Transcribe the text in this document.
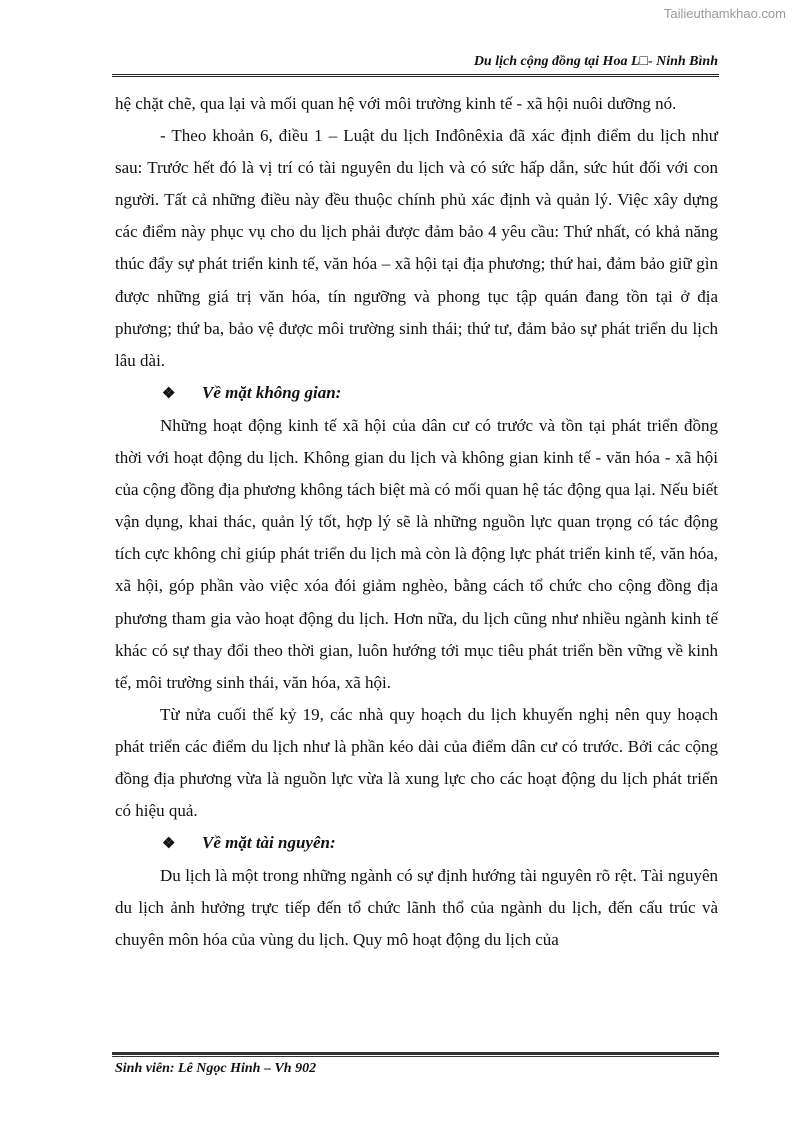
Tailieuthamkhao.com
Du lịch cộng đồng tại Hoa L□- Ninh Bình

hệ chặt chẽ, qua lại và mối quan hệ với môi trường kinh tế - xã hội nuôi dưỡng nó.

- Theo khoản 6, điều 1 – Luật du lịch Inđônêxia đã xác định điểm du lịch như sau: Trước hết đó là vị trí có tài nguyên du lịch và có sức hấp dẫn, sức hút đối với con người. Tất cả những điều này đều thuộc chính phủ xác định và quản lý. Việc xây dựng các điểm này phục vụ cho du lịch phải được đảm bảo 4 yêu cầu: Thứ nhất, có khả năng thúc đẩy sự phát triển kinh tế, văn hóa – xã hội tại địa phương; thứ hai, đảm bảo giữ gìn được những giá trị văn hóa, tín ngưỡng và phong tục tập quán đang tồn tại ở địa phương; thứ ba, bảo vệ được môi trường sinh thái; thứ tư, đảm bảo sự phát triển du lịch lâu dài.

❖ Về mặt không gian:

Những hoạt động kinh tế xã hội của dân cư có trước và tồn tại phát triển đồng thời với hoạt động du lịch. Không gian du lịch và không gian kinh tế - văn hóa - xã hội của cộng đồng địa phương không tách biệt mà có mối quan hệ tác động qua lại. Nếu biết vận dụng, khai thác, quản lý tốt, hợp lý sẽ là những nguồn lực quan trọng có tác động tích cực không chỉ giúp phát triển du lịch mà còn là động lực phát triển kinh tế, văn hóa, xã hội, góp phần vào việc xóa đói giảm nghèo, bằng cách tổ chức cho cộng đồng địa phương tham gia vào hoạt động du lịch. Hơn nữa, du lịch cũng như nhiều ngành kinh tế khác có sự thay đổi theo thời gian, luôn hướng tới mục tiêu phát triển bền vững về kinh tế, môi trường sinh thái, văn hóa, xã hội.

Từ nửa cuối thế kỷ 19, các nhà quy hoạch du lịch khuyến nghị nên quy hoạch phát triển các điểm du lịch như là phần kéo dài của điểm dân cư có trước. Bởi các cộng đồng địa phương vừa là nguồn lực vừa là xung lực cho các hoạt động du lịch phát triển có hiệu quả.

❖ Về mặt tài nguyên:

Du lịch là một trong những ngành có sự định hướng tài nguyên rõ rệt. Tài nguyên du lịch ảnh hưởng trực tiếp đến tổ chức lãnh thổ của ngành du lịch, đến cấu trúc và chuyên môn hóa của vùng du lịch. Quy mô hoạt động du lịch của

Sinh viên: Lê Ngọc Hinh – Vh 902
